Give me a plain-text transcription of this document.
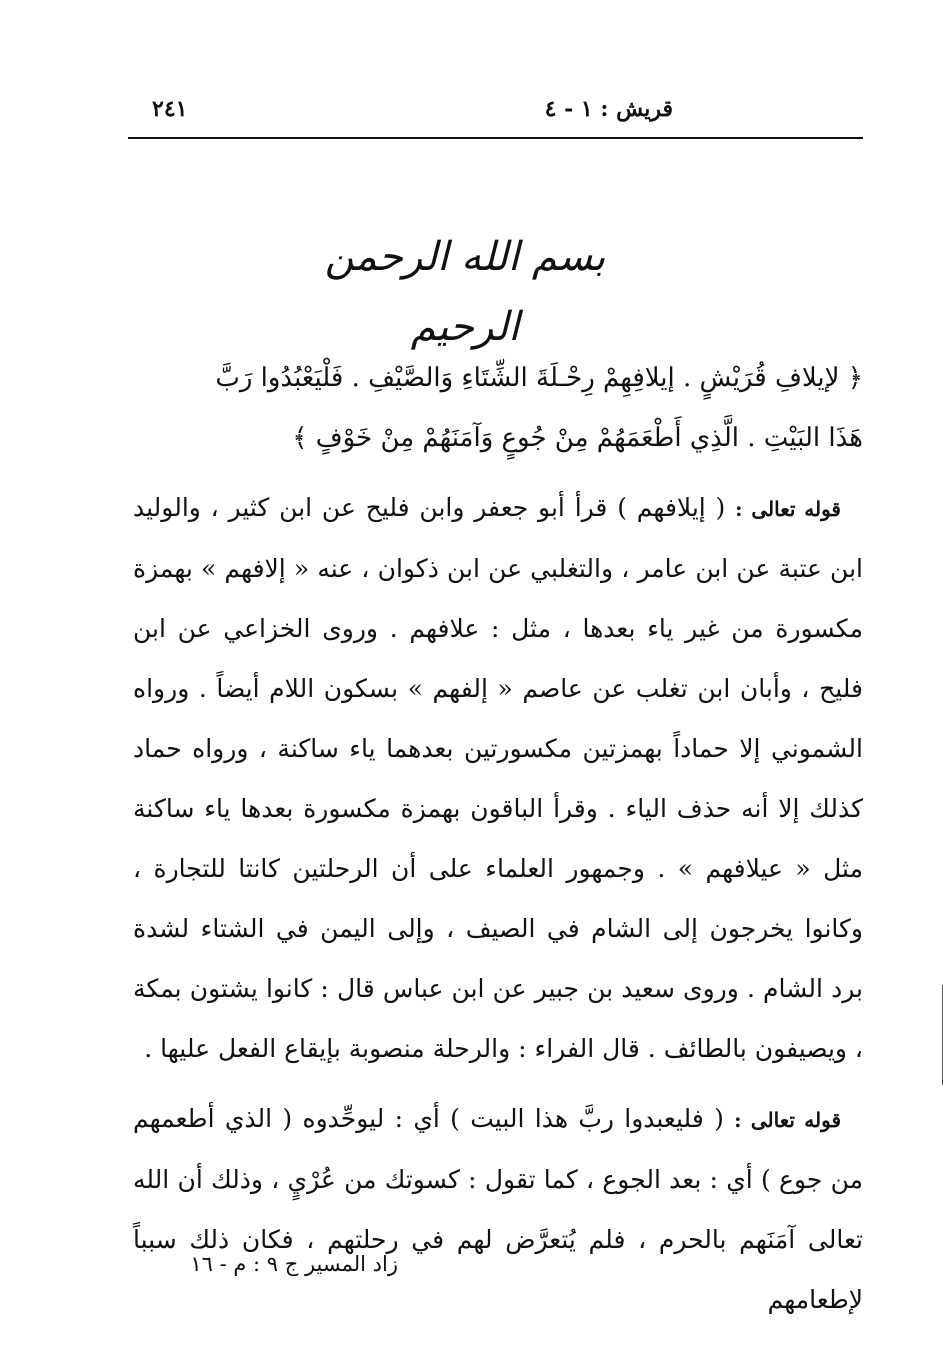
قريش : ١ - ٤
٢٤١
بسم الله الرحمن الرحيم
﴿ لإيلافِ قُرَيْشٍ . إيلافِهِمْ رِحْـلَةَ الشِّتَاءِ وَالصَّيْفِ . فَلْيَعْبُدُوا رَبَّ
هَذَا البَيْتِ . الَّذِي أَطْعَمَهُمْ مِنْ جُوعٍ وَآمَنَهُمْ مِنْ خَوْفٍ ﴾

قوله تعالى : ( إيلافهم ) قرأ أبو جعفر وابن فليح عن ابن كثير ، والوليد ابن عتبة عن ابن عامر ، والتغلبي عن ابن ذكوان ، عنه « إلافهم » بهمزة مكسورة من غير ياء بعدها ، مثل : علافهم . وروى الخزاعي عن ابن فليح ، وأبان ابن تغلب عن عاصم « إلفهم » بسكون اللام أيضاً . ورواه الشموني إلا حماداً بهمزتين مكسورتين بعدهما ياء ساكنة ، ورواه حماد كذلك إلا أنه حذف الياء . وقرأ الباقون بهمزة مكسورة بعدها ياء ساكنة مثل « عيلافهم » . وجمهور العلماء على أن الرحلتين كانتا للتجارة ، وكانوا يخرجون إلى الشام في الصيف ، وإلى اليمن في الشتاء لشدة برد الشام . وروى سعيد بن جبير عن ابن عباس قال : كانوا يشتون بمكة ، ويصيفون بالطائف . قال الفراء : والرحلة منصوبة بإيقاع الفعل عليها .

قوله تعالى : ( فليعبدوا ربَّ هذا البيت ) أي : ليوحِّدوه ( الذي أطعمهم من جوع ) أي : بعد الجوع ، كما تقول : كسوتك من عُرْيٍ ، وذلك أن الله تعالى آمَنَهم بالحرم ، فلم يُتعرَّض لهم في رحلتهم ، فكان ذلك سبباً لإطعامهم

زاد المسير ج ٩ : م - ١٦
